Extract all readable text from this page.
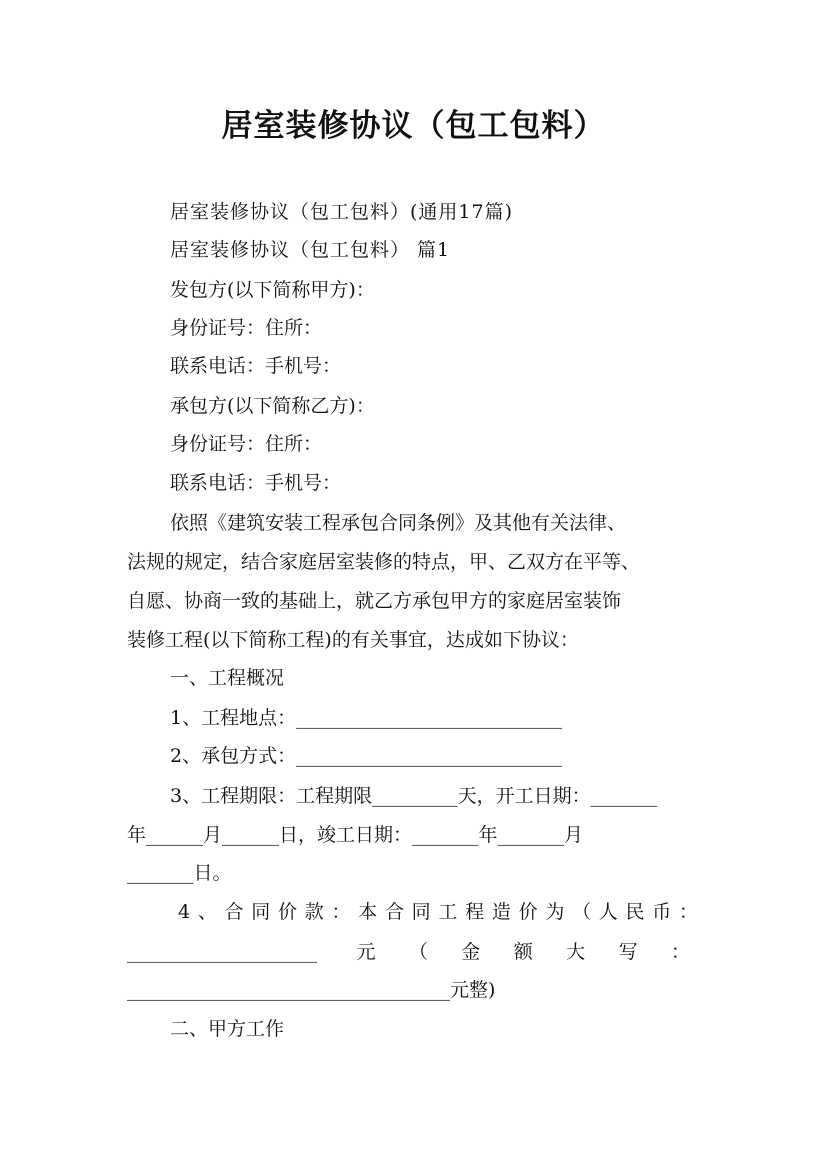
居室装修协议（包工包料）
居室装修协议（包工包料）(通用17篇)
居室装修协议（包工包料） 篇1
发包方(以下简称甲方)：
身份证号：住所：
联系电话：手机号：
承包方(以下简称乙方)：
身份证号：住所：
联系电话：手机号：
依照《建筑安装工程承包合同条例》及其他有关法律、
法规的规定，结合家庭居室装修的特点，甲、乙双方在平等、
自愿、协商一致的基础上，就乙方承包甲方的家庭居室装饰
装修工程(以下简称工程)的有关事宜，达成如下协议：
一、工程概况
1、工程地点：____________________________
2、承包方式：____________________________
3、工程期限：工程期限_________天，开工日期：_______
年______月______日，竣工日期：_______年_______月
_______日。
4、合同价款：本合同工程造价为（人民币：
____________________ 元（金额大写：
__________________________________元整)
二、甲方工作
